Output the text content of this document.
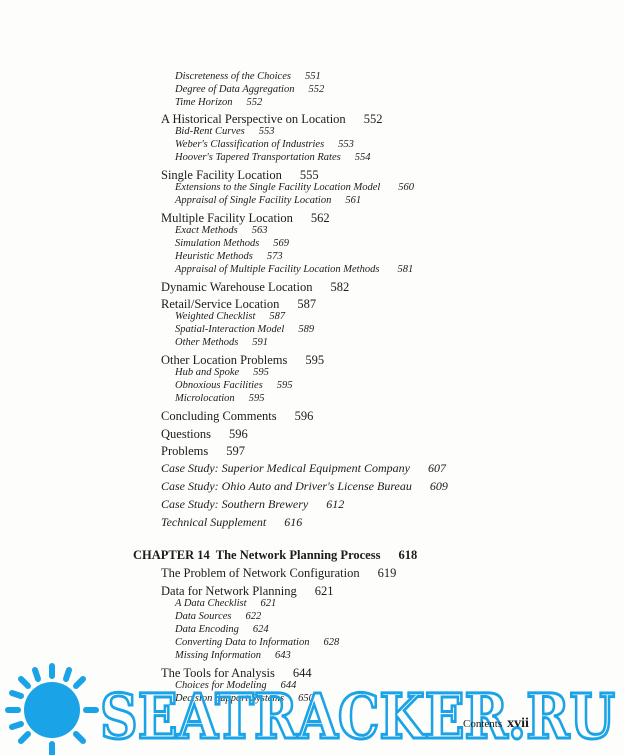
Discreteness of the Choices 551
Degree of Data Aggregation 552
Time Horizon 552
A Historical Perspective on Location 552
Bid-Rent Curves 553
Weber's Classification of Industries 553
Hoover's Tapered Transportation Rates 554
Single Facility Location 555
Extensions to the Single Facility Location Model 560
Appraisal of Single Facility Location 561
Multiple Facility Location 562
Exact Methods 563
Simulation Methods 569
Heuristic Methods 573
Appraisal of Multiple Facility Location Methods 581
Dynamic Warehouse Location 582
Retail/Service Location 587
Weighted Checklist 587
Spatial-Interaction Model 589
Other Methods 591
Other Location Problems 595
Hub and Spoke 595
Obnoxious Facilities 595
Microlocation 595
Concluding Comments 596
Questions 596
Problems 597
Case Study: Superior Medical Equipment Company 607
Case Study: Ohio Auto and Driver's License Bureau 609
Case Study: Southern Brewery 612
Technical Supplement 616
CHAPTER 14  The Network Planning Process 618
The Problem of Network Configuration 619
Data for Network Planning 621
A Data Checklist 621
Data Sources 622
Data Encoding 624
Converting Data to Information 628
Missing Information 643
The Tools for Analysis 644
Choices for Modeling 644
Decision Support Systems 650
SEATRACKER.RU
Contents xvii
